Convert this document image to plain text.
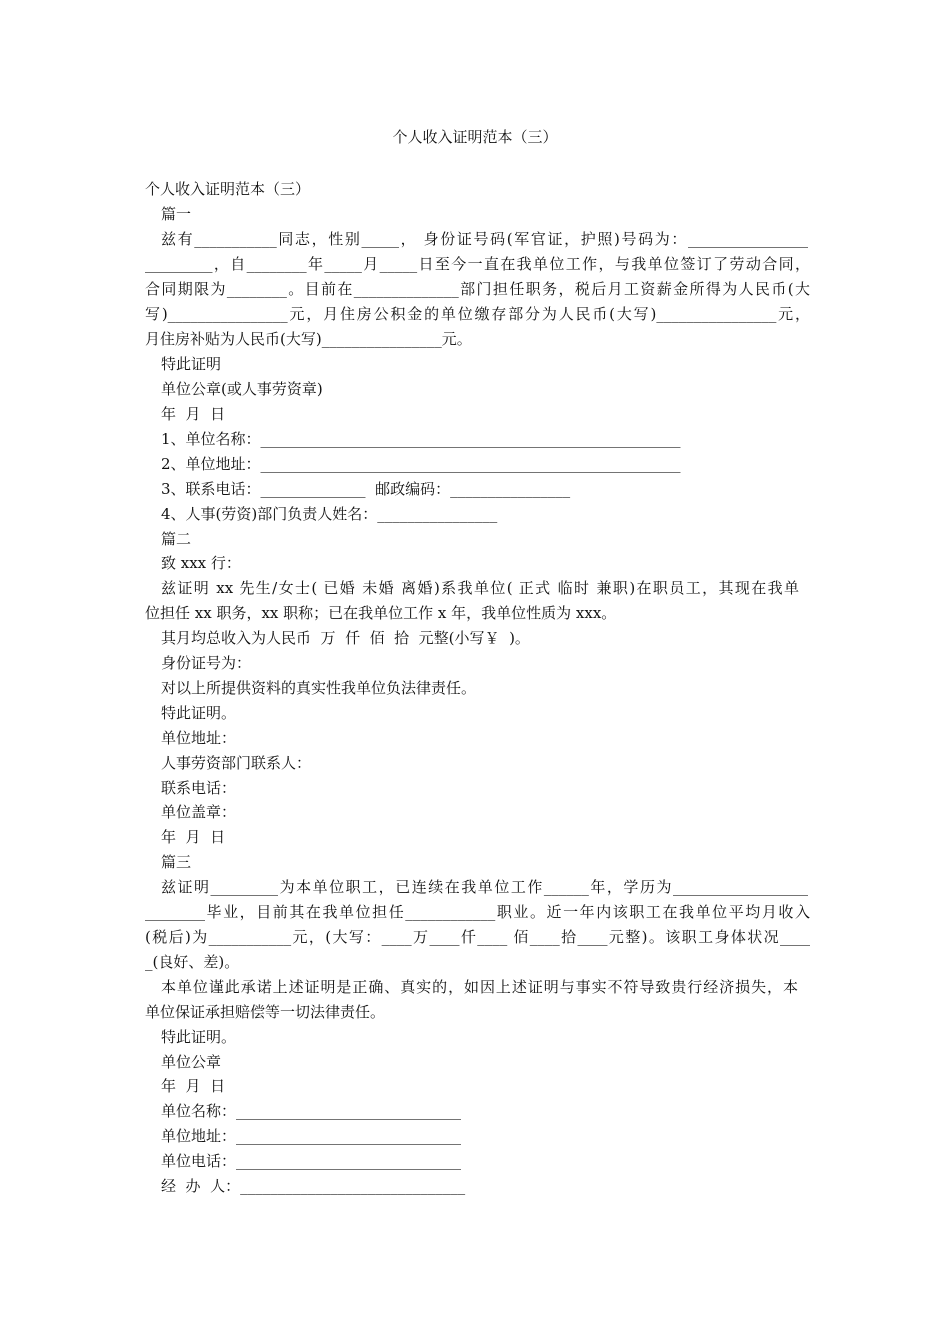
个人收入证明范本（三）
个人收入证明范本（三）
篇一
兹有___________同志，性别_____， 身份证号码(军官证，护照)号码为：________________
_________，自________年_____月_____日至今一直在我单位工作，与我单位签订了劳动合同，
合同期限为________。目前在______________部门担任职务，税后月工资薪金所得为人民币(大
写)________________元，月住房公积金的单位缴存部分为人民币(大写)________________元，
月住房补贴为人民币(大写)________________元。
特此证明
单位公章(或人事劳资章)
年  月  日
1、单位名称：________________________________________________________
2、单位地址：________________________________________________________
3、联系电话：______________  邮政编码：________________
4、人事(劳资)部门负责人姓名：________________
篇二
致 xxx 行：
兹证明 xx 先生/女士( 已婚 未婚 离婚)系我单位( 正式 临时 兼职)在职员工，其现在我单
位担任 xx 职务，xx 职称；已在我单位工作 x 年，我单位性质为 xxx。
其月均总收入为人民币  万  仟  佰  拾  元整(小写￥  )。
身份证号为：
对以上所提供资料的真实性我单位负法律责任。
特此证明。
单位地址：
人事劳资部门联系人：
联系电话：
单位盖章：
年  月  日
篇三
兹证明_________为本单位职工，已连续在我单位工作______年，学历为__________________
________毕业，目前其在我单位担任____________职业。近一年内该职工在我单位平均月收入
(税后)为___________元，(大写：____万____仟____ 佰____拾____元整)。该职工身体状况____
_(良好、差)。
本单位谨此承诺上述证明是正确、真实的，如因上述证明与事实不符导致贵行经济损失，本
单位保证承担赔偿等一切法律责任。
特此证明。
单位公章
年  月  日
单位名称：______________________________
单位地址：______________________________
单位电话：______________________________
经  办  人：______________________________
